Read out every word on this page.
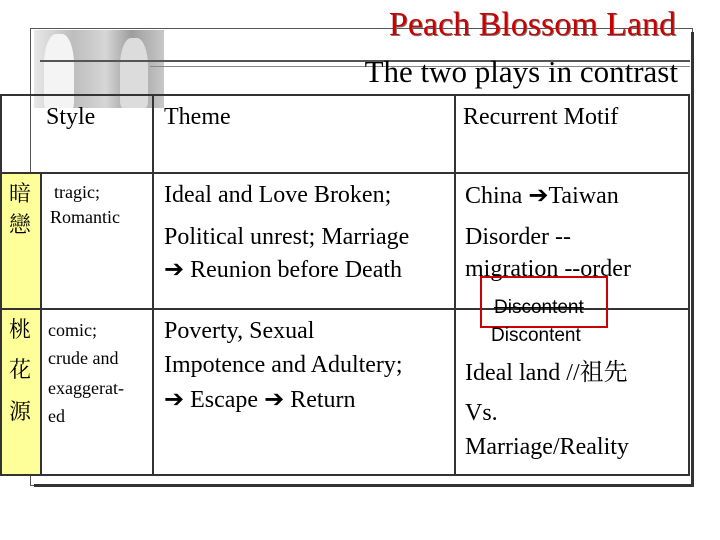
Peach Blossom Land
The two plays in contrast
Style	Theme	Recurrent Motif
暗
戀
tragic;
Romantic
Ideal and Love Broken;
Political unrest; Marriage
➔ Reunion before Death
China ➔Taiwan
Disorder --
migration --order
Discontent
Discontent
桃
花
源
comic;
crude and
exaggerat-
ed
Poverty, Sexual
Impotence and Adultery;
➔ Escape ➔ Return
Ideal land //祖先
Vs.
Marriage/Reality
